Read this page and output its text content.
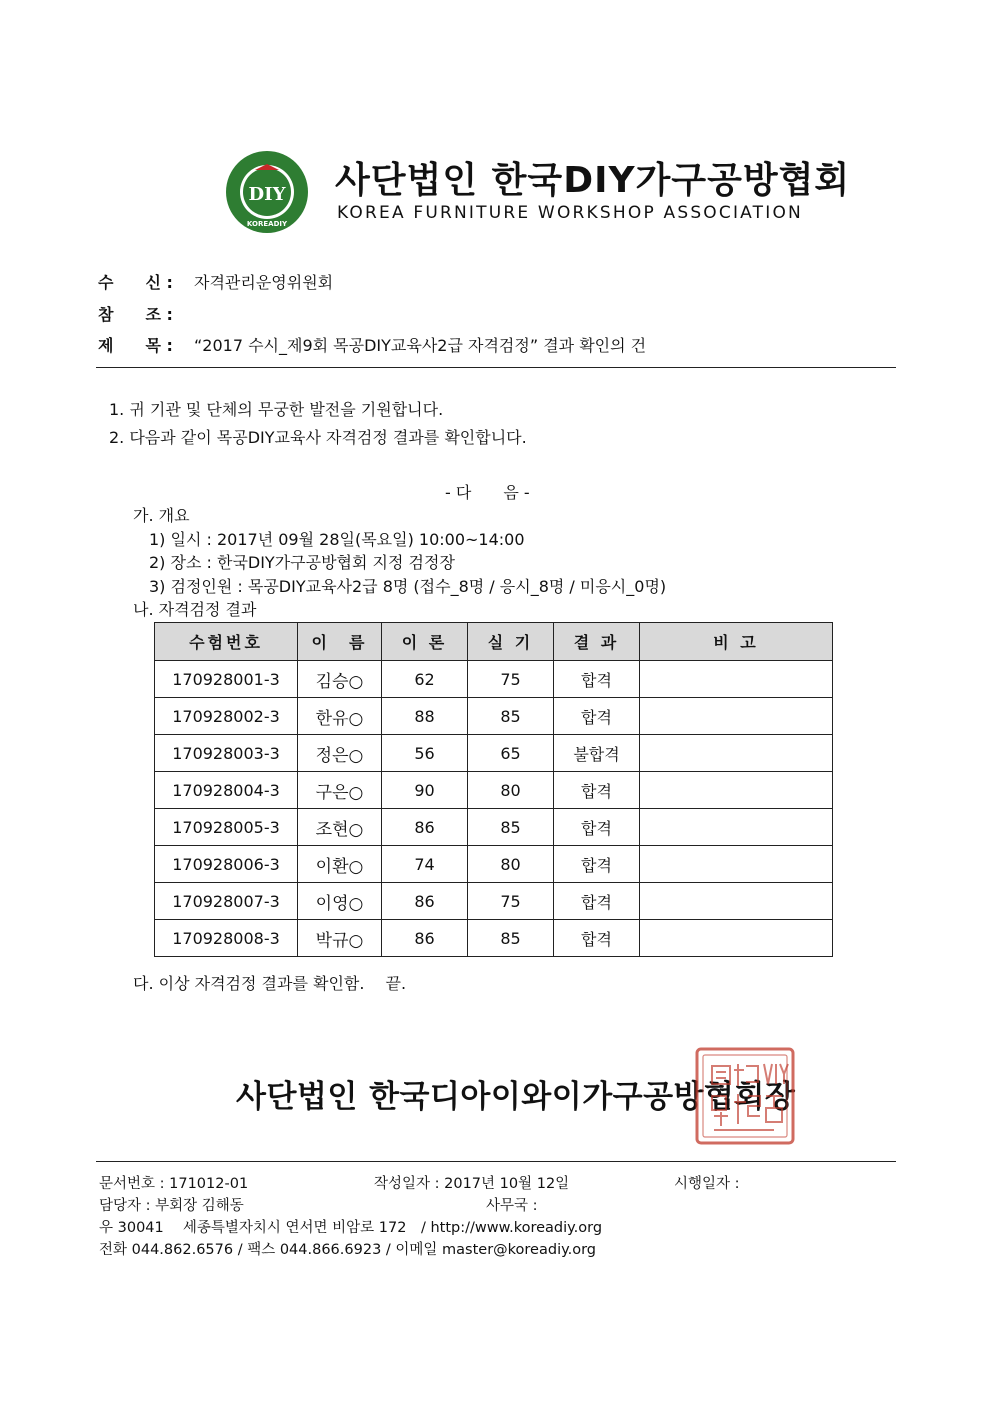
DIY
KOREADIY
사단법인 한국DIY가구공방협회
KOREA FURNITURE WORKSHOP ASSOCIATION
수　　신 : 자격관리운영위원회
참　　조 :
제　　목 : “2017 수시_제9회 목공DIY교육사2급 자격검정” 결과 확인의 건
1. 귀 기관 및 단체의 무궁한 발전을 기원합니다.
2. 다음과 같이 목공DIY교육사 자격검정 결과를 확인합니다.
- 다　　음 -
가. 개요
1) 일시 : 2017년 09월 28일(목요일) 10:00~14:00
2) 장소 : 한국DIY가구공방협회 지정 검정장
3) 검정인원 : 목공DIY교육사2급 8명 (접수_8명 / 응시_8명 / 미응시_0명)
나. 자격검정 결과
수험번호	이　름	이 론	실 기	결 과	비 고
170928001-3	김승○	62	75	합격	
170928002-3	한유○	88	85	합격	
170928003-3	정은○	56	65	불합격	
170928004-3	구은○	90	80	합격	
170928005-3	조현○	86	85	합격	
170928006-3	이환○	74	80	합격	
170928007-3	이영○	86	75	합격	
170928008-3	박규○	86	85	합격	
다. 이상 자격검정 결과를 확인함.　 끝.
사단법인 한국디아이와이가구공방협회장
문서번호 : 171012-01	작성일자 : 2017년 10월 12일	시행일자 :
담당자 : 부회장 김해동	사무국 :
우 30041　 세종특별자치시 연서면 비암로 172　/ http://www.koreadiy.org
전화 044.862.6576 / 팩스 044.866.6923 / 이메일 master@koreadiy.org
